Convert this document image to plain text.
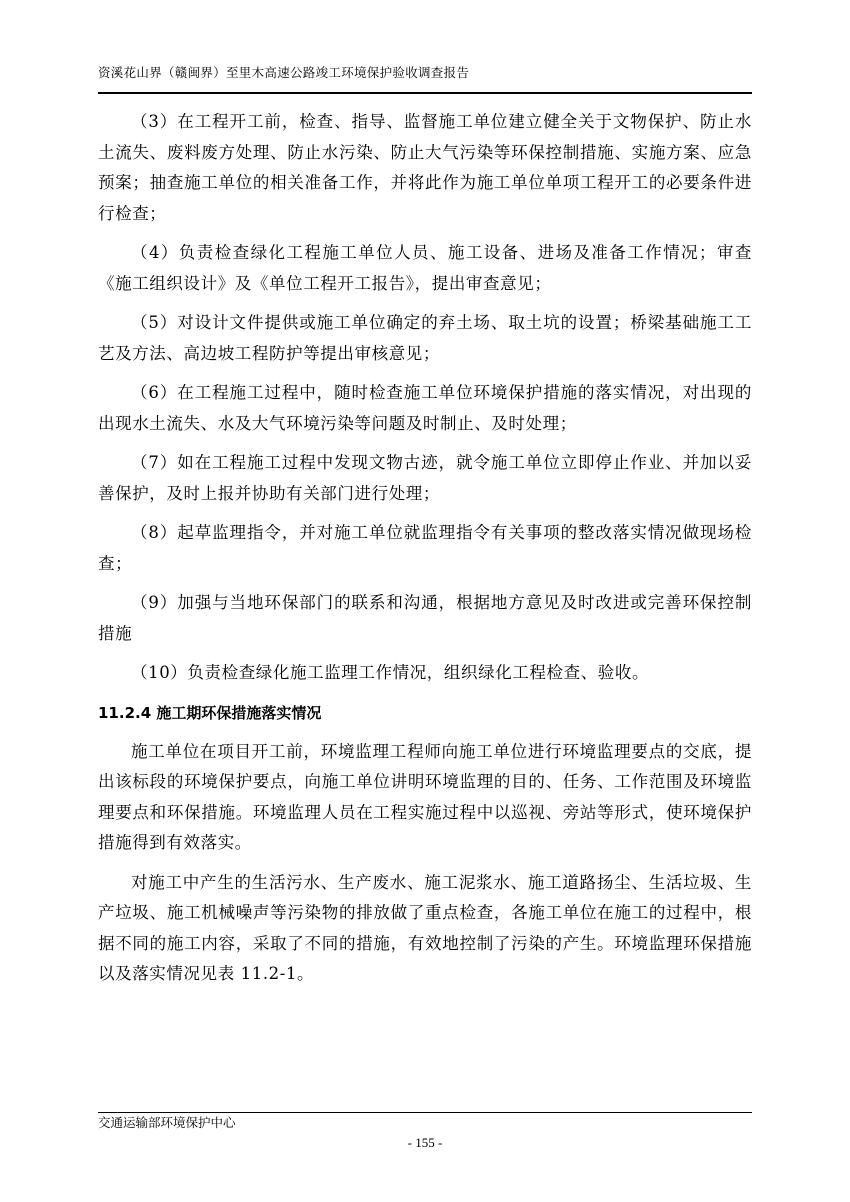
资溪花山界（赣闽界）至里木高速公路竣工环境保护验收调查报告

（3）在工程开工前，检查、指导、监督施工单位建立健全关于文物保护、防止水土流失、废料废方处理、防止水污染、防止大气污染等环保控制措施、实施方案、应急预案；抽查施工单位的相关准备工作，并将此作为施工单位单项工程开工的必要条件进行检查；

（4）负责检查绿化工程施工单位人员、施工设备、进场及准备工作情况；审查《施工组织设计》及《单位工程开工报告》，提出审查意见；

（5）对设计文件提供或施工单位确定的弃土场、取土坑的设置；桥梁基础施工工艺及方法、高边坡工程防护等提出审核意见；

（6）在工程施工过程中，随时检查施工单位环境保护措施的落实情况，对出现的出现水土流失、水及大气环境污染等问题及时制止、及时处理；

（7）如在工程施工过程中发现文物古迹，就令施工单位立即停止作业、并加以妥善保护，及时上报并协助有关部门进行处理；

（8）起草监理指令，并对施工单位就监理指令有关事项的整改落实情况做现场检查；

（9）加强与当地环保部门的联系和沟通，根据地方意见及时改进或完善环保控制措施

（10）负责检查绿化施工监理工作情况，组织绿化工程检查、验收。

11.2.4 施工期环保措施落实情况

施工单位在项目开工前，环境监理工程师向施工单位进行环境监理要点的交底，提出该标段的环境保护要点，向施工单位讲明环境监理的目的、任务、工作范围及环境监理要点和环保措施。环境监理人员在工程实施过程中以巡视、旁站等形式，使环境保护措施得到有效落实。

对施工中产生的生活污水、生产废水、施工泥浆水、施工道路扬尘、生活垃圾、生产垃圾、施工机械噪声等污染物的排放做了重点检查，各施工单位在施工的过程中，根据不同的施工内容，采取了不同的措施，有效地控制了污染的产生。环境监理环保措施以及落实情况见表 11.2-1。

交通运输部环境保护中心
- 155 -
